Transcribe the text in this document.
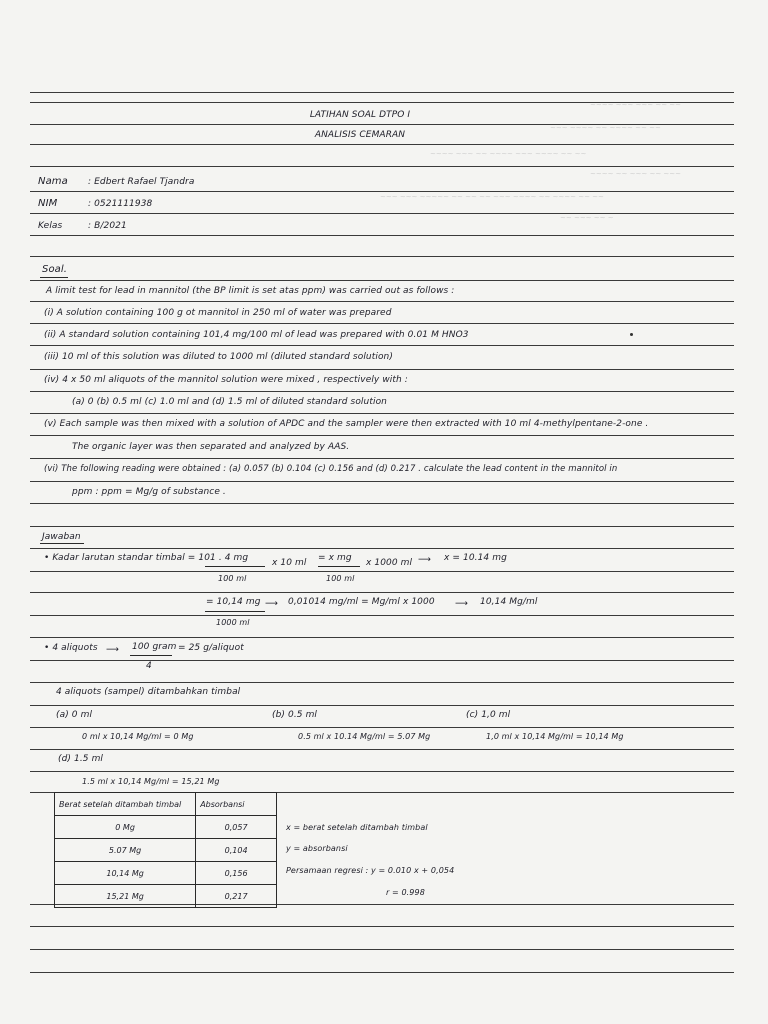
~~~~ ~~~ ~~~ ~~ ~~
~~~ ~~~~ ~~ ~~~~ ~~ ~~
~~~~ ~~~ ~~ ~~~~ ~~~ ~~~~ ~~ ~~
~~~~ ~~ ~~~ ~~ ~~~
~~~ ~~~ ~~~~~ ~~ ~~ ~~ ~~~ ~~~~ ~~ ~~~~ ~~ ~~
~~ ~~~ ~~ ~
LATIHAN SOAL DTPO I
ANALISIS CEMARAN
Nama : Edbert Rafael Tjandra
NIM	: 0521111938
Kelas	: B/2021
Soal.
A limit test for lead in mannitol (the BP limit is set atas ppm) was carried out as follows :
(i) A solution containing 100 g ot mannitol in 250 ml of water was prepared
(ii) A standard solution containing 101,4 mg/100 ml of lead was prepared with 0.01 M HNO3
(iii) 10 ml of this solution was diluted to 1000 ml (diluted standard solution)
(iv) 4 x 50 ml aliquots of the mannitol solution were mixed , respectively with :
(a) 0 (b) 0.5 ml (c) 1.0 ml and (d) 1.5 ml of diluted standard solution
(v) Each sample was then mixed with a solution of APDC and the sampler were then extracted with 10 ml 4-methylpentane-2-one .
The organic layer was then separated and analyzed by AAS.
(vi) The following reading were obtained : (a) 0.057 (b) 0.104 (c) 0.156 and (d) 0.217 . calculate the lead content in the mannitol in
ppm : ppm = Mg/g of substance .
Jawaban
• Kadar larutan standar timbal = 101 . 4 mg
100 ml
x 10 ml = x mg
100 ml
x 1000 ml ⟶ x = 10.14 mg
= 10,14 mg
1000 ml
⟶ 0,01014 mg/ml = Mg/ml x 1000 ⟶ 10,14 Mg/ml
• 4 aliquots ⟶ 100 gram
4
= 25 g/aliquot
4 aliquots (sampel) ditambahkan timbal
(a) 0 ml	(b) 0.5 ml	(c) 1,0 ml
0 ml x 10,14 Mg/ml = 0 Mg	0.5 ml x 10.14 Mg/ml = 5.07 Mg	1,0 ml x 10,14 Mg/ml = 10,14 Mg
(d) 1.5 ml
1.5 ml x 10,14 Mg/ml = 15,21 Mg
Berat setelah ditambah timbal	Absorbansi
0 Mg	0,057
5.07 Mg	0,104
10,14 Mg	0,156
15,21 Mg	0,217
x = berat setelah ditambah timbal
y = absorbansi
Persamaan regresi : y = 0.010 x + 0,054
r = 0.998
